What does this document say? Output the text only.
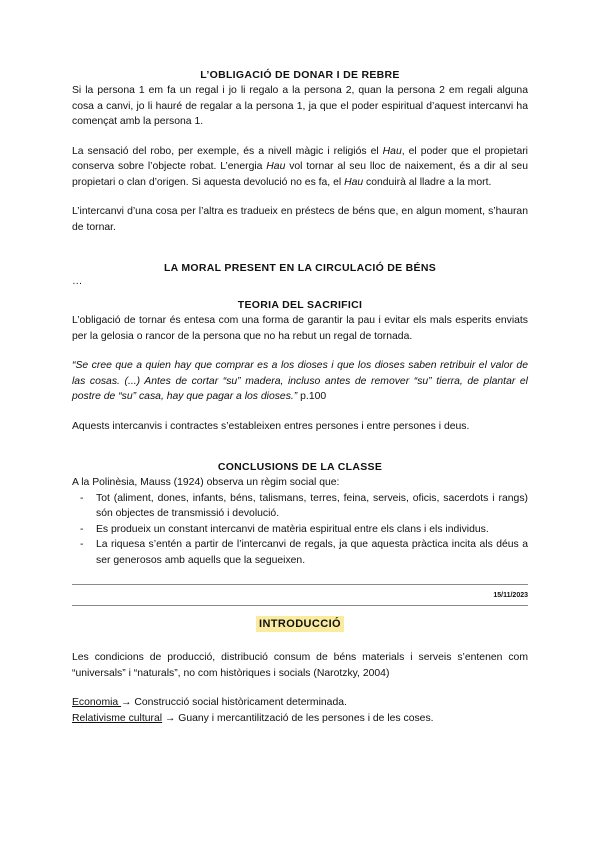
L’OBLIGACIÓ DE DONAR I DE REBRE

Si la persona 1 em fa un regal i jo li regalo a la persona 2, quan la persona 2 em regali alguna cosa a canvi, jo li hauré de regalar a la persona 1, ja que el poder espiritual d’aquest intercanvi ha començat amb la persona 1.

La sensació del robo, per exemple, és a nivell màgic i religiós el Hau, el poder que el propietari conserva sobre l’objecte robat. L’energia Hau vol tornar al seu lloc de naixement, és a dir al seu propietari o clan d’origen. Si aquesta devolució no es fa, el Hau conduirà al lladre a la mort.

L’intercanvi d’una cosa per l’altra es tradueix en préstecs de béns que, en algun moment, s’hauran de tornar.

LA MORAL PRESENT EN LA CIRCULACIÓ DE BÉNS

…

TEORIA DEL SACRIFICI

L’obligació de tornar és entesa com una forma de garantir la pau i evitar els mals esperits enviats per la gelosia o rancor de la persona que no ha rebut un regal de tornada.

“Se cree que a quien hay que comprar es a los dioses i que los dioses saben retribuir el valor de las cosas. (...) Antes de cortar “su” madera, incluso antes de remover “su” tierra, de plantar el postre de “su” casa, hay que pagar a los dioses.” p.100

Aquests intercanvis i contractes s’estableixen entres persones i entre persones i deus.

CONCLUSIONS DE LA CLASSE

A la Polinèsia, Mauss (1924) observa un règim social que:

- Tot (aliment, dones, infants, béns, talismans, terres, feina, serveis, oficis, sacerdots i rangs) són objectes de transmissió i devolució.
- Es produeix un constant intercanvi de matèria espiritual entre els clans i els individus.
- La riquesa s’entén a partir de l’intercanvi de regals, ja que aquesta pràctica incita als déus a ser generosos amb aquells que la segueixen.
15/11/2023
INTRODUCCIÓ

Les condicions de producció, distribució consum de béns materials i serveis s’entenen com “universals” i “naturals”, no com històriques i socials (Narotzky, 2004)

Economia → Construcció social històricament determinada.

Relativisme cultural → Guany i mercantilització de les persones i de les coses.
